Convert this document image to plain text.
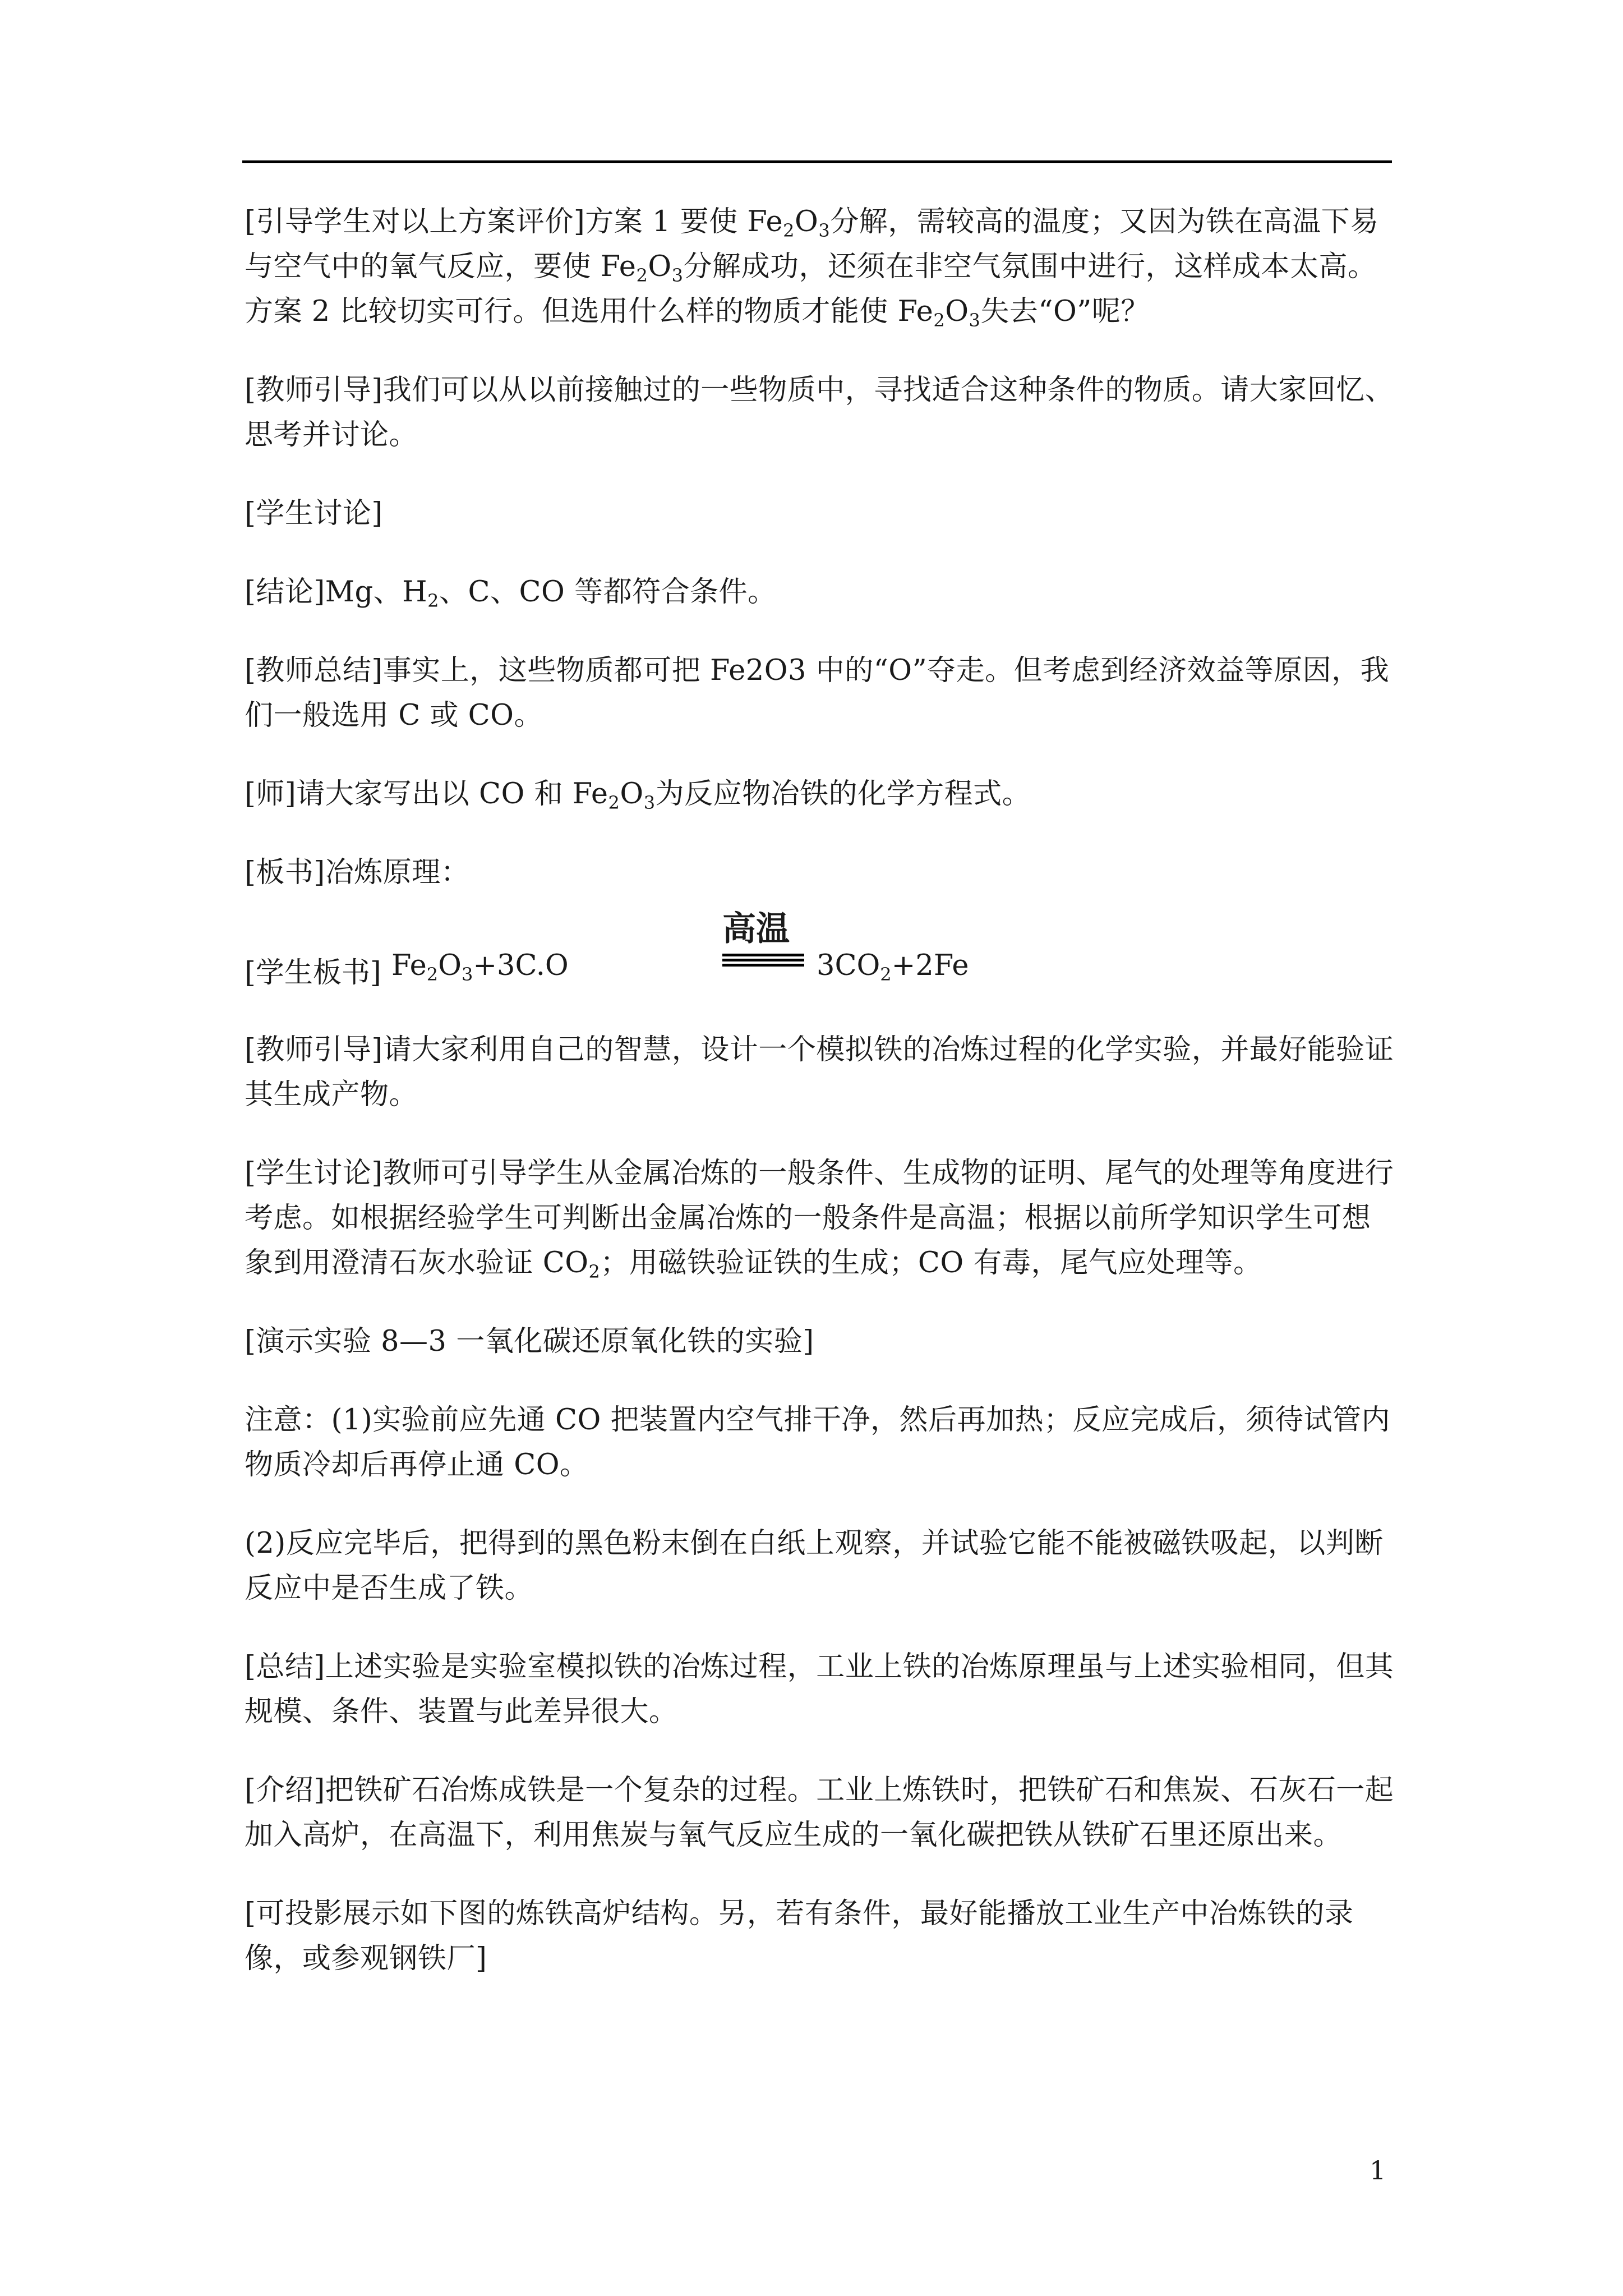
[引导学生对以上方案评价]方案 1 要使 $Fe_2O_3$分解，需较高的温度；又因为铁在高温下易与空气中的氧气反应，要使 $Fe_2O_3$分解成功，还须在非空气氛围中进行，这样成本太高。方案 2 比较切实可行。但选用什么样的物质才能使 $Fe_2O_3$失去“O”呢？

[教师引导]我们可以从以前接触过的一些物质中，寻找适合这种条件的物质。请大家回忆、思考并讨论。

[学生讨论]

[结论]Mg、$H_2$、C、CO 等都符合条件。

[教师总结]事实上，这些物质都可把 Fe2O3 中的“O”夺走。但考虑到经济效益等原因，我们一般选用 C 或 CO。

[师]请大家写出以 CO 和 $Fe_2O_3$为反应物冶铁的化学方程式。

[板书]冶炼原理：

[学生板书] $Fe_2O_3+3C.O$
高温
$3CO_2+2Fe$

[教师引导]请大家利用自己的智慧，设计一个模拟铁的冶炼过程的化学实验，并最好能验证其生成产物。

[学生讨论]教师可引导学生从金属冶炼的一般条件、生成物的证明、尾气的处理等角度进行考虑。如根据经验学生可判断出金属冶炼的一般条件是高温；根据以前所学知识学生可想象到用澄清石灰水验证 $CO_2$；用磁铁验证铁的生成；CO 有毒，尾气应处理等。

[演示实验 8—3 一氧化碳还原氧化铁的实验]

注意：(1)实验前应先通 CO 把装置内空气排干净，然后再加热；反应完成后，须待试管内物质冷却后再停止通 CO。

(2)反应完毕后，把得到的黑色粉末倒在白纸上观察，并试验它能不能被磁铁吸起，以判断反应中是否生成了铁。

[总结]上述实验是实验室模拟铁的冶炼过程，工业上铁的冶炼原理虽与上述实验相同，但其规模、条件、装置与此差异很大。

[介绍]把铁矿石冶炼成铁是一个复杂的过程。工业上炼铁时，把铁矿石和焦炭、石灰石一起加入高炉，在高温下，利用焦炭与氧气反应生成的一氧化碳把铁从铁矿石里还原出来。

[可投影展示如下图的炼铁高炉结构。另，若有条件，最好能播放工业生产中冶炼铁的录像，或参观钢铁厂]

1
